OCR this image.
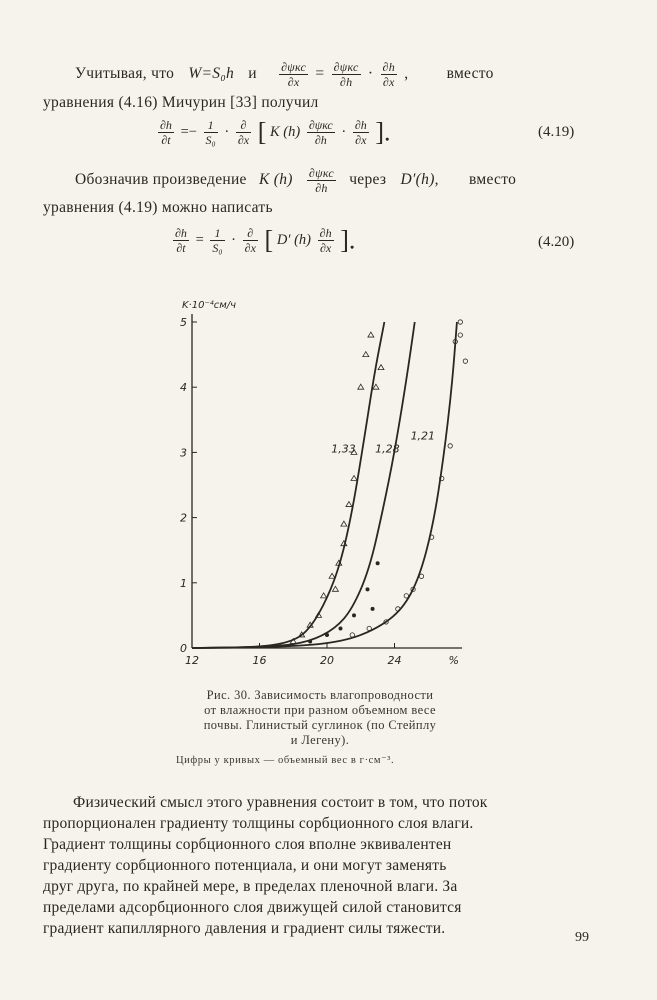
Учитывая, что W=S₀h и $\frac{\text{∂ψкс}}{\partial x} = \frac{\text{∂ψкс}}{\partial h} \cdot \frac{\partial h}{\partial x}$ , вместо
уравнения (4.16) Мичурин [33] получил
$\frac{\partial h}{\partial t} =- \frac{1}{\text{S₀}} \cdot \frac{\partial}{\partial x}$ [ K $(h) \frac{\text{∂ψкс}}{\partial h} \cdot \frac{\partial h}{\partial x}$ ].	(4.19)
Обозначив произведение K $(h) \frac{\text{∂ψкс}}{\partial h}$ через D′(h), вместо
уравнения (4.19) можно написать
$\frac{\partial h}{\partial t} = \frac{1}{\text{S₀}} \cdot \frac{\partial}{\partial x}$ [ D′ $(h) \frac{\partial h}{\partial x}$ ].	(4.20)
0
1
2
3
4
5
12	16	20	24	%
K·10⁻⁴см/ч
1,33 1,28
1,21
Рис. 30. Зависимость влагопроводности
от влажности при разном объемном весе
почвы. Глинистый суглинок (по Стейплу
и Легену).
Цифры у кривых — объемный вес в г·см⁻³.
Физический смысл этого уравнения состоит в том, что поток
пропорционален градиенту толщины сорбционного слоя влаги.
Градиент толщины сорбционного слоя вполне эквивалентен
градиенту сорбционного потенциала, и они могут заменять
друг друга, по крайней мере, в пределах пленочной влаги. За
пределами адсорбционного слоя движущей силой становится
градиент капиллярного давления и градиент силы тяжести.
99
